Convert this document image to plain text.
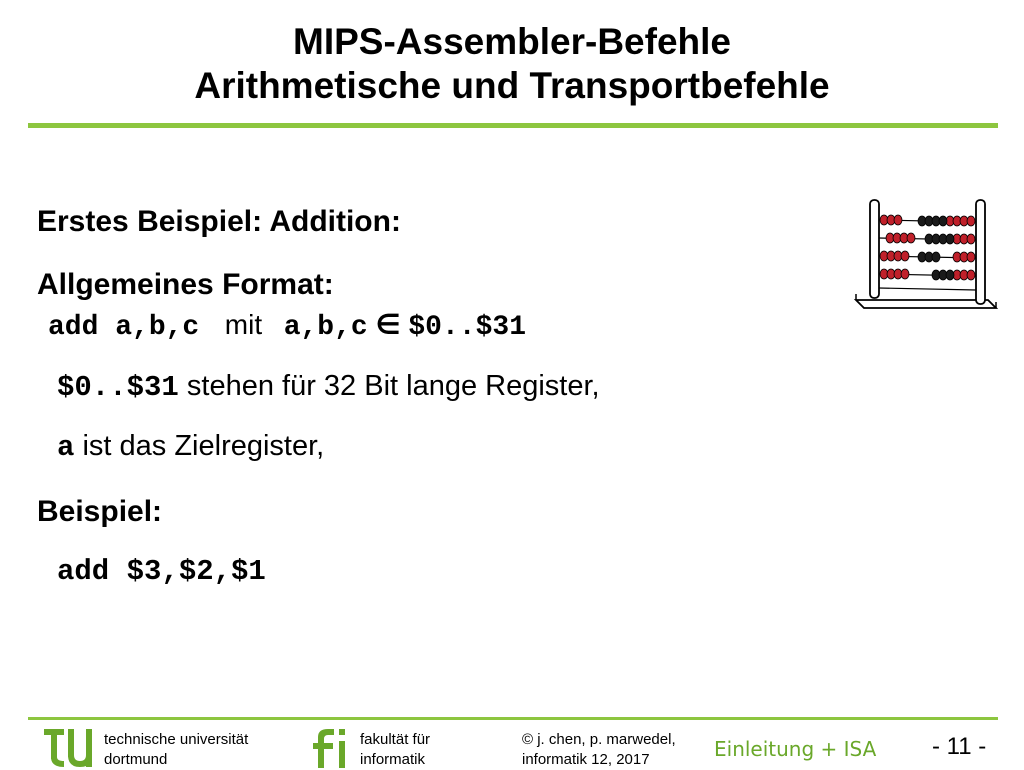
MIPS-Assembler-Befehle
Arithmetische und Transportbefehle
Erstes Beispiel: Addition:
Allgemeines Format:
add a,b,c mit a,b,c ∈ $0..$31
$0..$31 stehen für 32 Bit lange Register,
a ist das Zielregister,
Beispiel:
add $3,$2,$1
technische universität
dortmund
fakultät für
informatik
© j. chen, p. marwedel,
informatik 12, 2017	Einleitung + ISA - 11 -
